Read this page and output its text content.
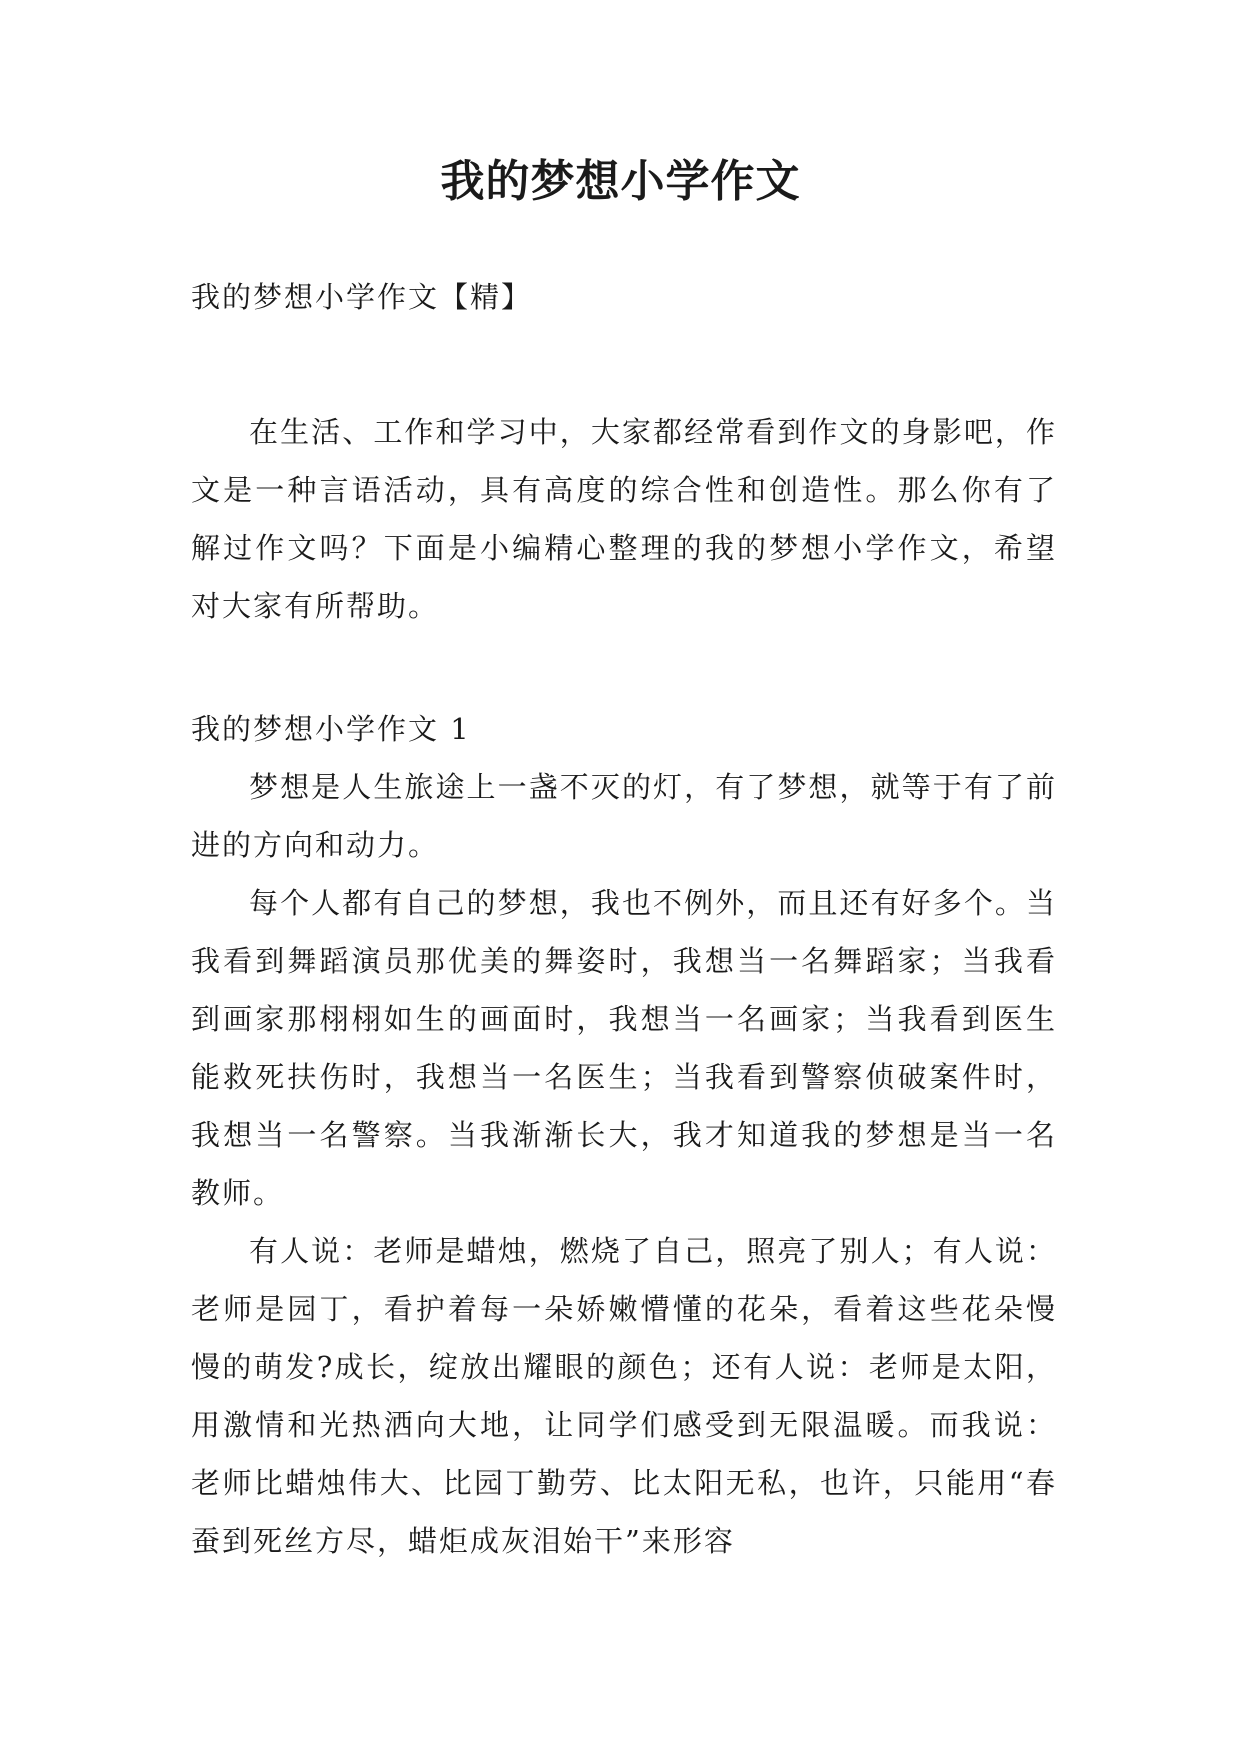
我的梦想小学作文

我的梦想小学作文【精】

在生活、工作和学习中，大家都经常看到作文的身影吧，作文是一种言语活动，具有高度的综合性和创造性。那么你有了解过作文吗？下面是小编精心整理的我的梦想小学作文，希望对大家有所帮助。

我的梦想小学作文 1

梦想是人生旅途上一盏不灭的灯，有了梦想，就等于有了前进的方向和动力。

每个人都有自己的梦想，我也不例外，而且还有好多个。当我看到舞蹈演员那优美的舞姿时，我想当一名舞蹈家；当我看到画家那栩栩如生的画面时，我想当一名画家；当我看到医生能救死扶伤时，我想当一名医生；当我看到警察侦破案件时，我想当一名警察。当我渐渐长大，我才知道我的梦想是当一名教师。

有人说：老师是蜡烛，燃烧了自己，照亮了别人；有人说：老师是园丁，看护着每一朵娇嫩懵懂的花朵，看着这些花朵慢慢的萌发?成长，绽放出耀眼的颜色；还有人说：老师是太阳，用激情和光热洒向大地，让同学们感受到无限温暖。而我说：老师比蜡烛伟大、比园丁勤劳、比太阳无私，也许，只能用“春蚕到死丝方尽，蜡炬成灰泪始干”来形容
